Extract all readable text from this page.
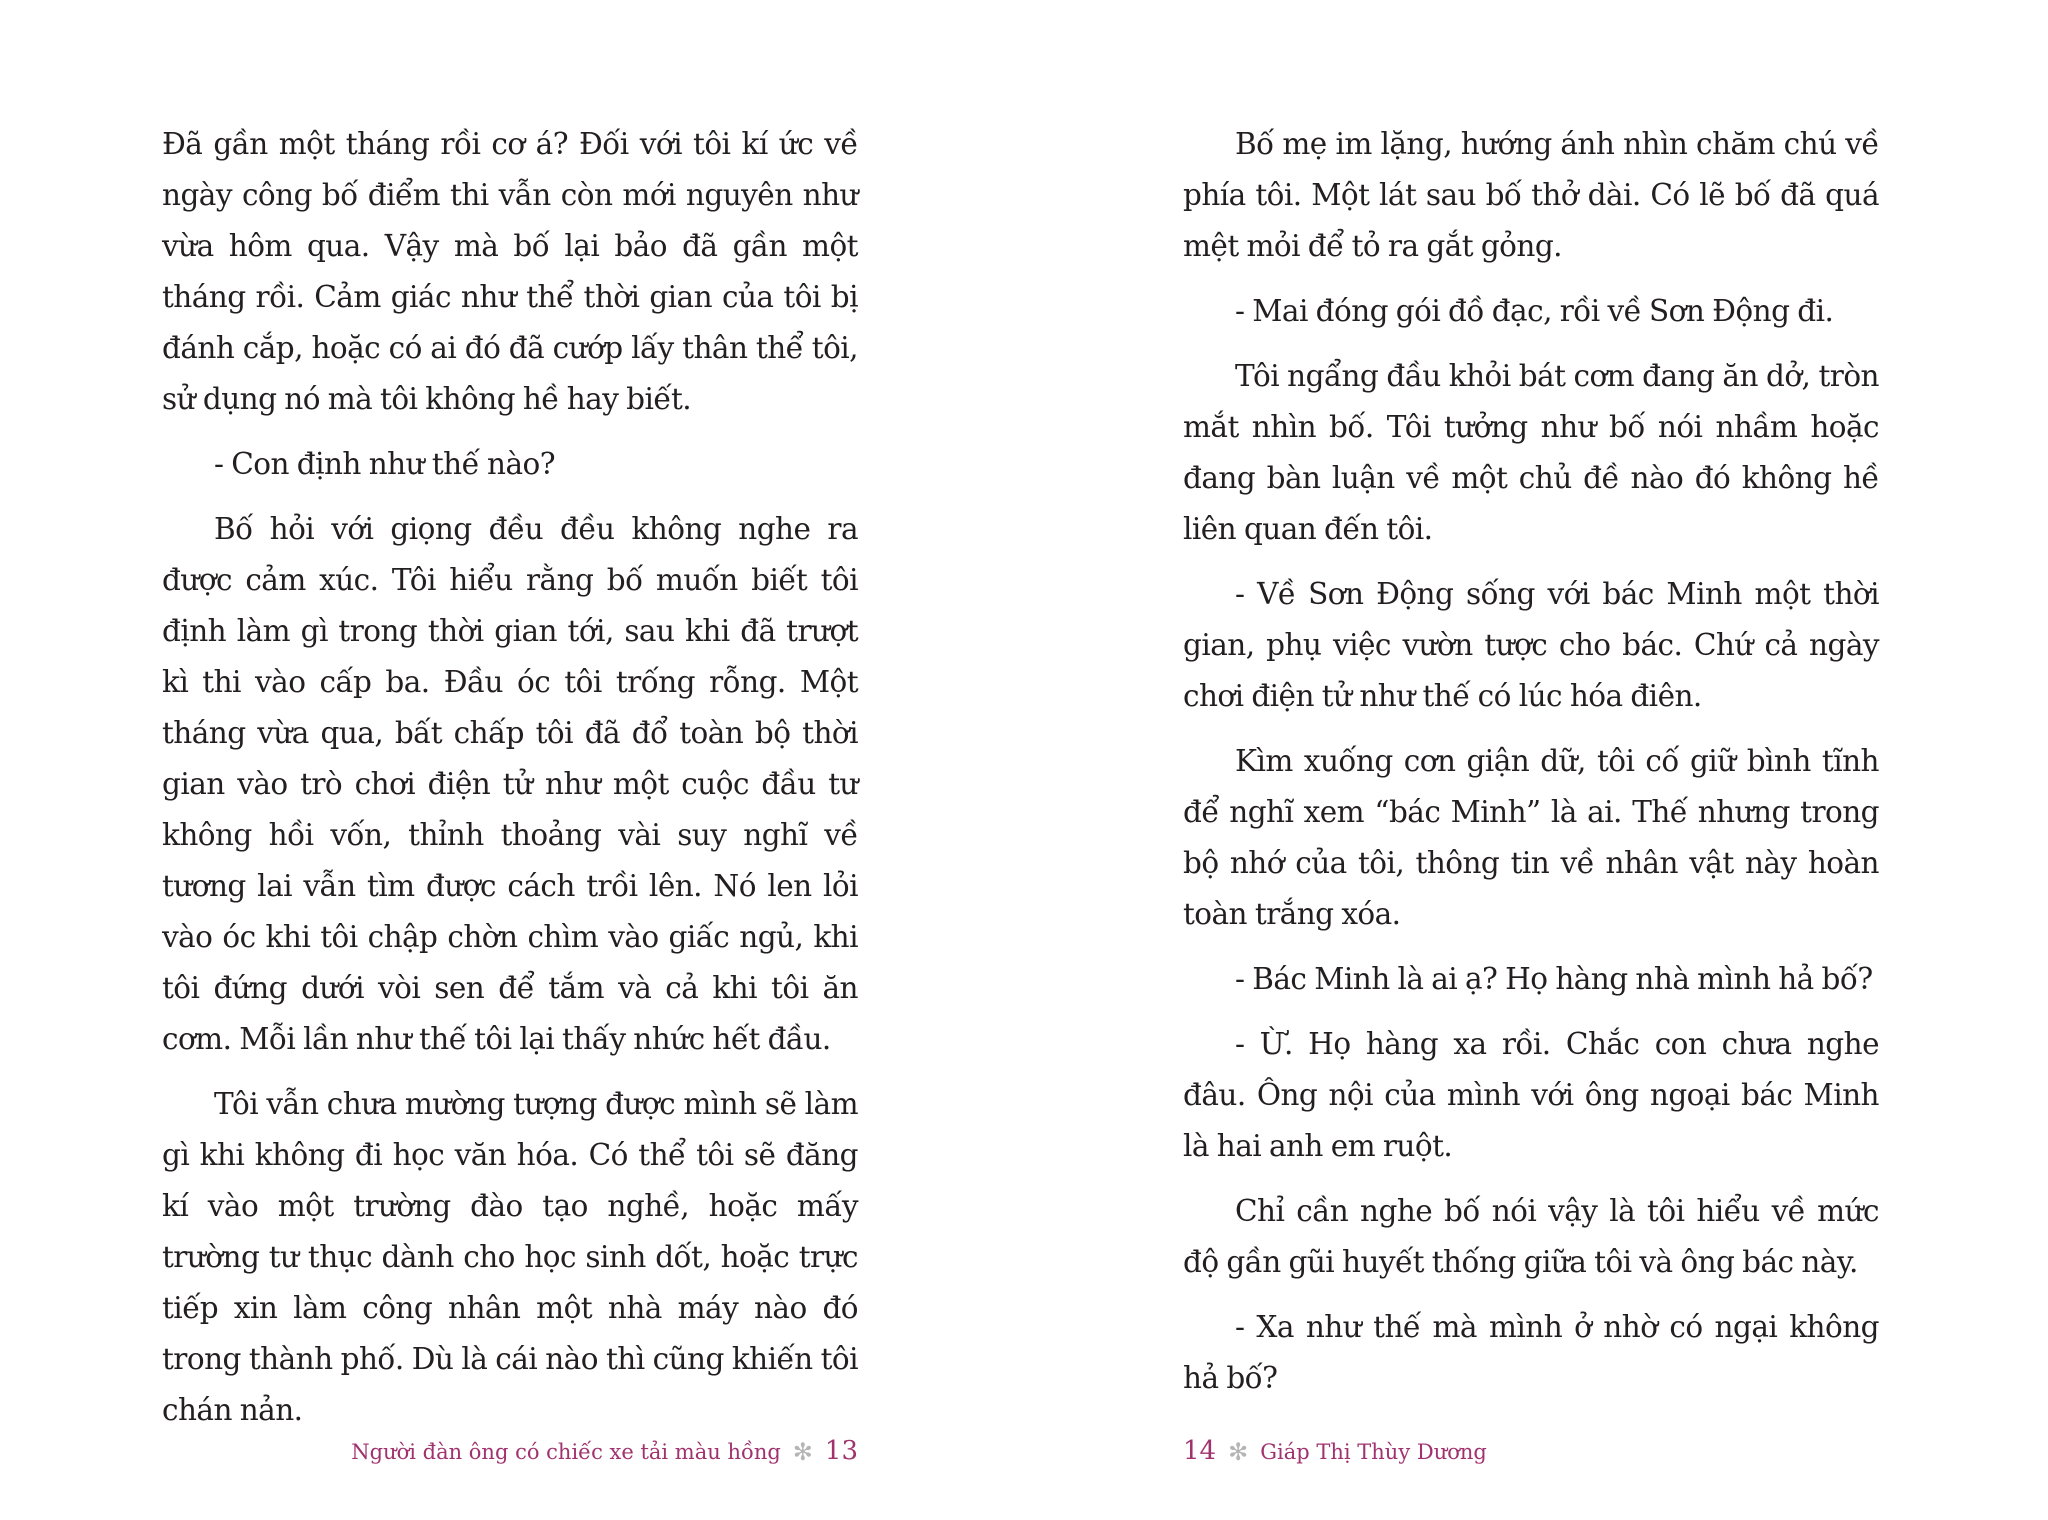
Đã gần một tháng rồi cơ á? Đối với tôi kí ức về ngày công bố điểm thi vẫn còn mới nguyên như vừa hôm qua. Vậy mà bố lại bảo đã gần một tháng rồi. Cảm giác như thể thời gian của tôi bị đánh cắp, hoặc có ai đó đã cướp lấy thân thể tôi, sử dụng nó mà tôi không hề hay biết.

- Con định như thế nào?

Bố hỏi với giọng đều đều không nghe ra được cảm xúc. Tôi hiểu rằng bố muốn biết tôi định làm gì trong thời gian tới, sau khi đã trượt kì thi vào cấp ba. Đầu óc tôi trống rỗng. Một tháng vừa qua, bất chấp tôi đã đổ toàn bộ thời gian vào trò chơi điện tử như một cuộc đầu tư không hồi vốn, thỉnh thoảng vài suy nghĩ về tương lai vẫn tìm được cách trồi lên. Nó len lỏi vào óc khi tôi chập chờn chìm vào giấc ngủ, khi tôi đứng dưới vòi sen để tắm và cả khi tôi ăn cơm. Mỗi lần như thế tôi lại thấy nhức hết đầu.

Tôi vẫn chưa mường tượng được mình sẽ làm gì khi không đi học văn hóa. Có thể tôi sẽ đăng kí vào một trường đào tạo nghề, hoặc mấy trường tư thục dành cho học sinh dốt, hoặc trực tiếp xin làm công nhân một nhà máy nào đó trong thành phố. Dù là cái nào thì cũng khiến tôi chán nản.

Người đàn ông có chiếc xe tải màu hồng ✻ 13

Bố mẹ im lặng, hướng ánh nhìn chăm chú về phía tôi. Một lát sau bố thở dài. Có lẽ bố đã quá mệt mỏi để tỏ ra gắt gỏng.

- Mai đóng gói đồ đạc, rồi về Sơn Động đi.

Tôi ngẩng đầu khỏi bát cơm đang ăn dở, tròn mắt nhìn bố. Tôi tưởng như bố nói nhầm hoặc đang bàn luận về một chủ đề nào đó không hề liên quan đến tôi.

- Về Sơn Động sống với bác Minh một thời gian, phụ việc vườn tược cho bác. Chứ cả ngày chơi điện tử như thế có lúc hóa điên.

Kìm xuống cơn giận dữ, tôi cố giữ bình tĩnh để nghĩ xem “bác Minh” là ai. Thế nhưng trong bộ nhớ của tôi, thông tin về nhân vật này hoàn toàn trắng xóa.

- Bác Minh là ai ạ? Họ hàng nhà mình hả bố?

- Ừ. Họ hàng xa rồi. Chắc con chưa nghe đâu. Ông nội của mình với ông ngoại bác Minh là hai anh em ruột.

Chỉ cần nghe bố nói vậy là tôi hiểu về mức độ gần gũi huyết thống giữa tôi và ông bác này.

- Xa như thế mà mình ở nhờ có ngại không hả bố?

14 ✻ Giáp Thị Thùy Dương
